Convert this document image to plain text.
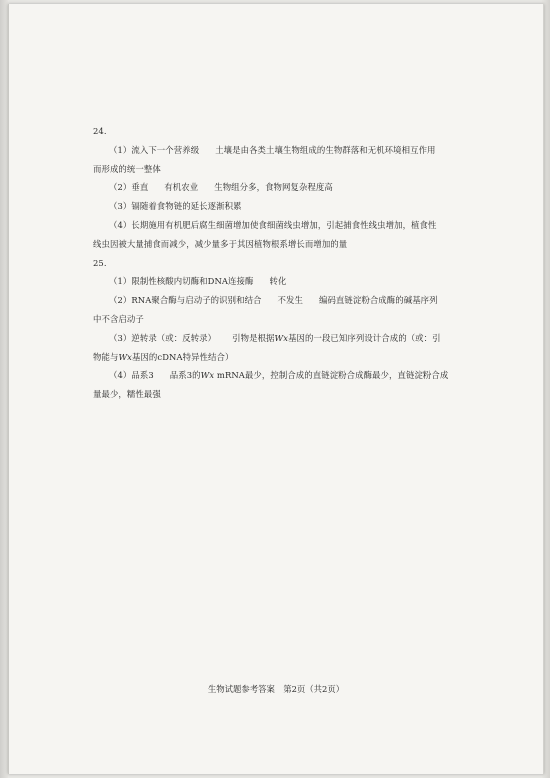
24.
（1）流入下一个营养级 土壤是由各类土壤生物组成的生物群落和无机环境相互作用
而形成的统一整体
（2）垂直 有机农业 生物组分多，食物网复杂程度高
（3）镉随着食物链的延长逐渐积累
（4）长期施用有机肥后腐生细菌增加使食细菌线虫增加，引起捕食性线虫增加，植食性
线虫因被大量捕食而减少，减少量多于其因植物根系增长而增加的量
25.
（1）限制性核酸内切酶和DNA连接酶 转化
（2）RNA聚合酶与启动子的识别和结合 不发生 编码直链淀粉合成酶的碱基序列
中不含启动子
（3）逆转录（或：反转录） 引物是根据Wx基因的一段已知序列设计合成的（或：引
物能与Wx基因的cDNA特异性结合）
（4）品系3 品系3的Wx mRNA最少，控制合成的直链淀粉合成酶最少，直链淀粉合成
量最少，糯性最强
生物试题参考答案　第2页（共2页）
